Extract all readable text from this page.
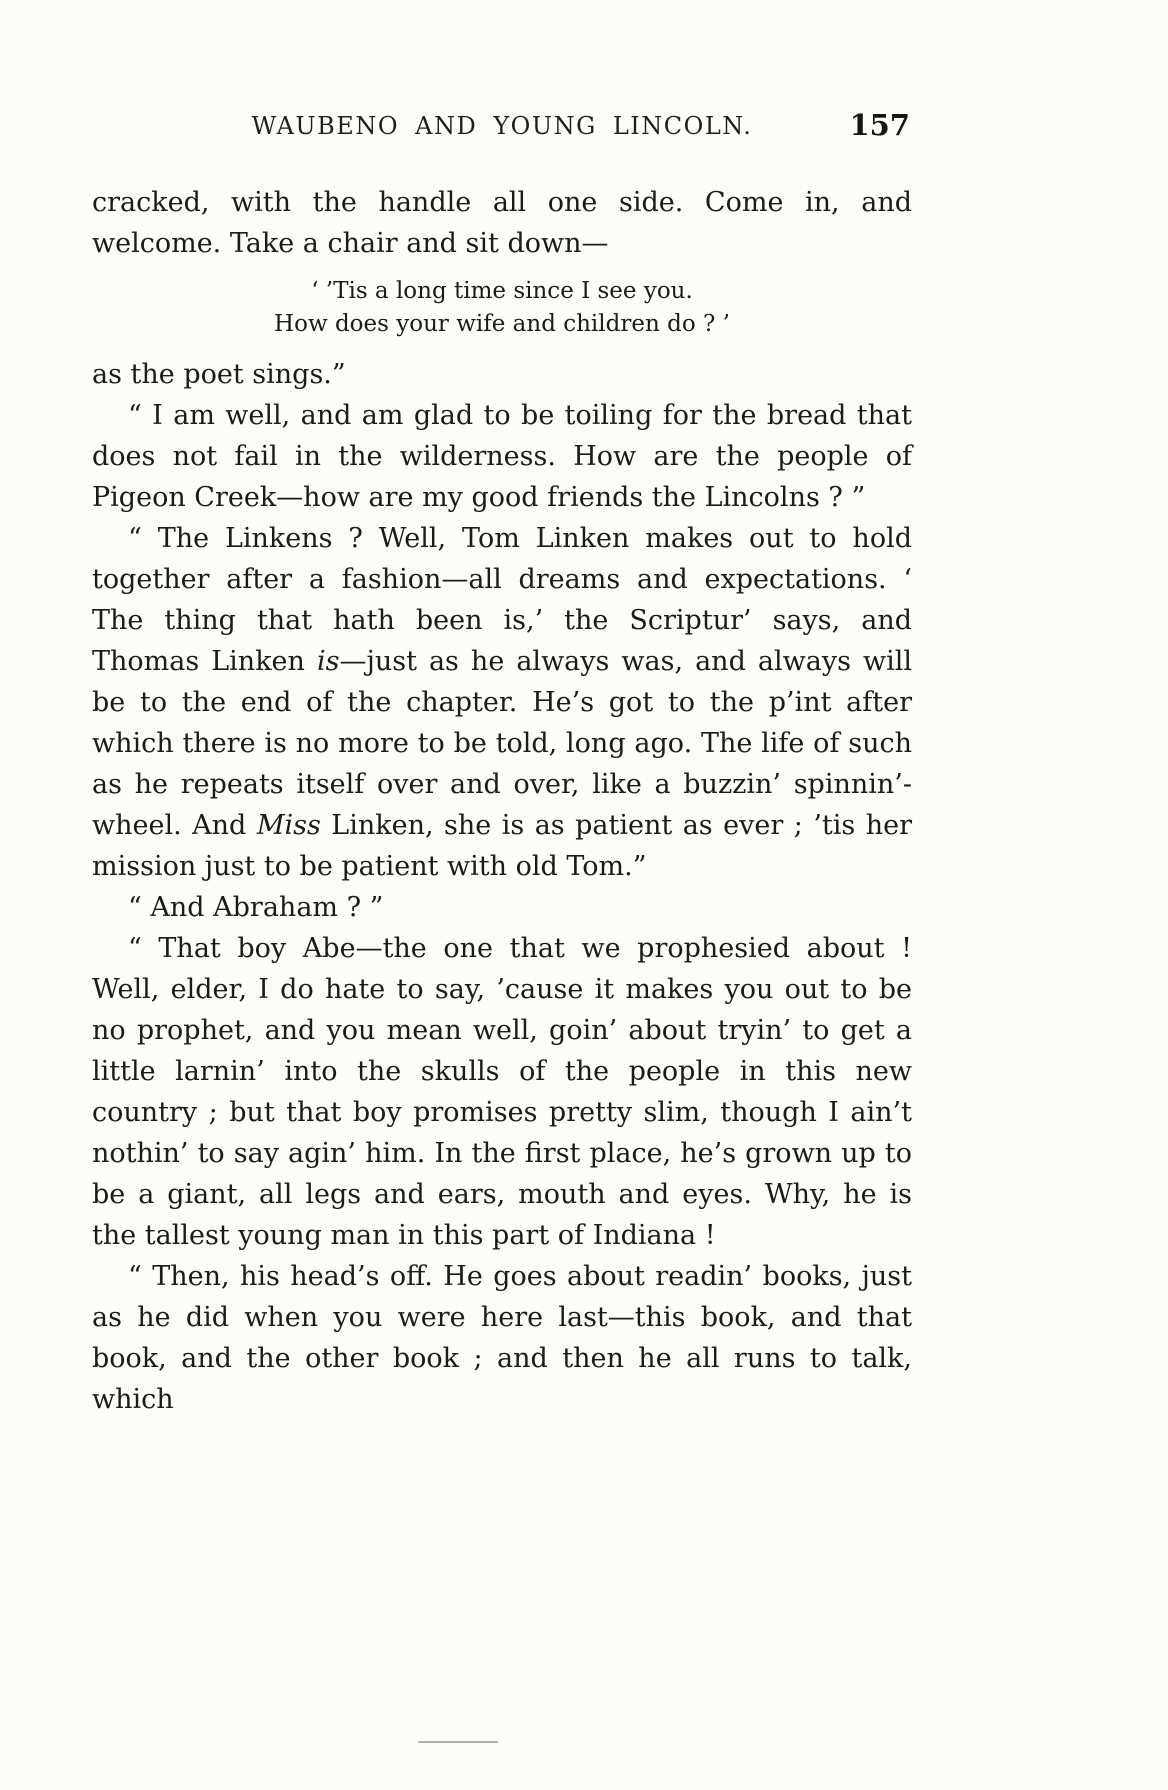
WAUBENO AND YOUNG LINCOLN.	157

cracked, with the handle all one side. Come in, and welcome. Take a chair and sit down—

‘ ’Tis a long time since I see you.
How does your wife and children do ? ’

as the poet sings.”

“ I am well, and am glad to be toiling for the bread that does not fail in the wilderness. How are the people of Pigeon Creek—how are my good friends the Lincolns ? ”

“ The Linkens ? Well, Tom Linken makes out to hold together after a fashion—all dreams and expectations. ‘ The thing that hath been is,’ the Scriptur’ says, and Thomas Linken is—just as he always was, and always will be to the end of the chapter. He’s got to the p’int after which there is no more to be told, long ago. The life of such as he repeats itself over and over, like a buzzin’ spinnin’-wheel. And Miss Linken, she is as patient as ever ; ’tis her mission just to be patient with old Tom.”

“ And Abraham ? ”

“ That boy Abe—the one that we prophesied about ! Well, elder, I do hate to say, ’cause it makes you out to be no prophet, and you mean well, goin’ about tryin’ to get a little larnin’ into the skulls of the people in this new country ; but that boy promises pretty slim, though I ain’t nothin’ to say agin’ him. In the first place, he’s grown up to be a giant, all legs and ears, mouth and eyes. Why, he is the tallest young man in this part of Indiana !

“ Then, his head’s off. He goes about readin’ books, just as he did when you were here last—this book, and that book, and the other book ; and then he all runs to talk, which
